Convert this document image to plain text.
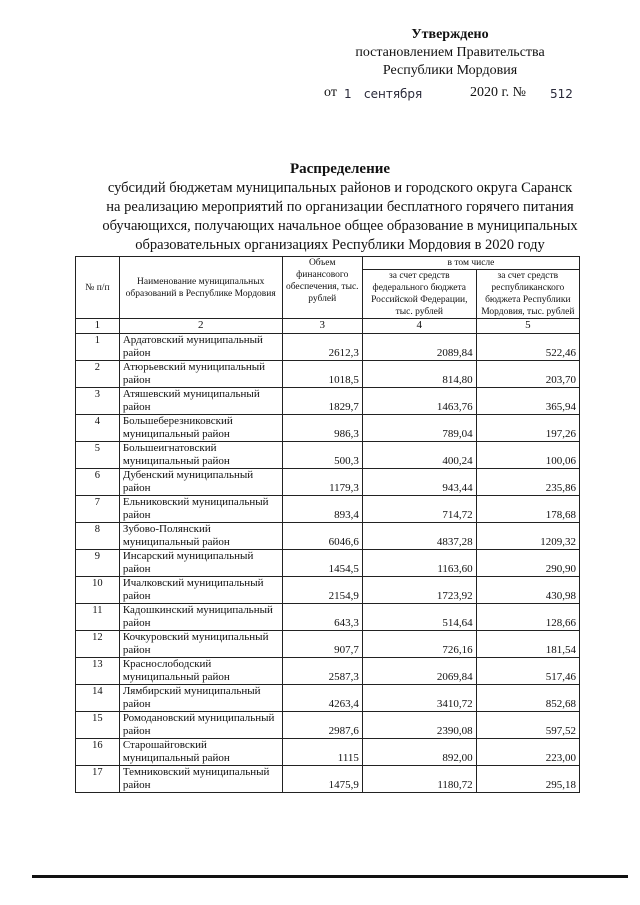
Утверждено
постановлением Правительства
Республики Мордовия
от 1 сентября	2020 г. № 512
Распределение
субсидий бюджетам муниципальных районов и городского округа Саранск
на реализацию мероприятий по организации бесплатного горячего питания
обучающихся, получающих начальное общее образование в муниципальных
образовательных организациях Республики Мордовия в 2020 году
№ п/п	Наименование муниципальных образований в Республике Мордовия	Объем финансового обеспечения, тыс. рублей	в том числе	
			за счет средств федерального бюджета Российской Федерации, тыс. рублей	за счет средств республиканского бюджета Республики Мордовия, тыс. рублей
1	2	3	4	5
1	Ардатовский муниципальный район	2612,3	2089,84	522,46
2	Атюрьевский муниципальный район	1018,5	814,80	203,70
3	Атяшевский муниципальный район	1829,7	1463,76	365,94
4	Большеберезниковский муниципальный район	986,3	789,04	197,26
5	Большеигнатовский муниципальный район	500,3	400,24	100,06
6	Дубенский муниципальный район	1179,3	943,44	235,86
7	Ельниковский муниципальный район	893,4	714,72	178,68
8	Зубово-Полянский муниципальный район	6046,6	4837,28	1209,32
9	Инсарский муниципальный район	1454,5	1163,60	290,90
10	Ичалковский муниципальный район	2154,9	1723,92	430,98
11	Кадошкинский муниципальный район	643,3	514,64	128,66
12	Кочкуровский муниципальный район	907,7	726,16	181,54
13	Краснослободский муниципальный район	2587,3	2069,84	517,46
14	Лямбирский муниципальный район	4263,4	3410,72	852,68
15	Ромодановский муниципальный район	2987,6	2390,08	597,52
16	Старошайговский муниципальный район	1115	892,00	223,00
17	Темниковский муниципальный район	1475,9	1180,72	295,18
